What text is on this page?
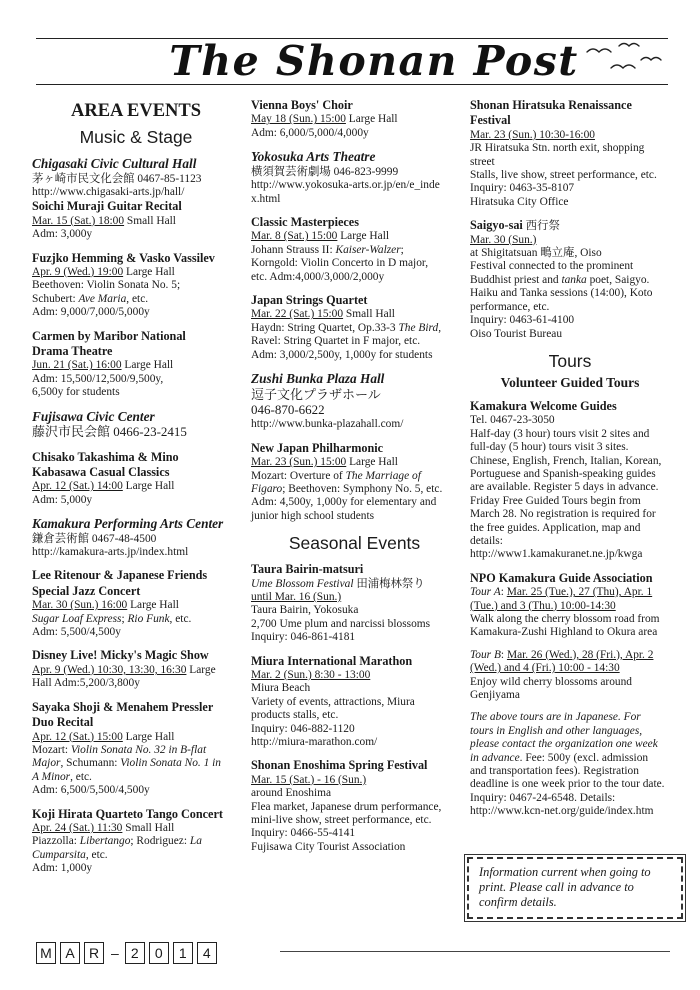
The Shonan Post
AREA EVENTS
Music & Stage
Chigasaki Civic Cultural Hall
茅ヶ崎市民文化会館 0467-85-1123
http://www.chigasaki-arts.jp/hall/
Soichi Muraji Guitar Recital
Mar. 15 (Sat.) 18:00 Small Hall
Adm: 3,000y
Fuzjko Hemming & Vasko Vassilev
Apr. 9 (Wed.) 19:00 Large Hall
Beethoven: Violin Sonata No. 5;
Schubert: Ave Maria, etc.
Adm: 9,000/7,000/5,000y
Carmen by Maribor National
Drama Theatre
Jun. 21 (Sat.) 16:00 Large Hall
Adm: 15,500/12,500/9,500y,
6,500y for students
Fujisawa Civic Center
藤沢市民会館 0466-23-2415
Chisako Takashima & Mino
Kabasawa Casual Classics
Apr. 12 (Sat.) 14:00 Large Hall
Adm: 5,000y
Kamakura Performing Arts Center
鎌倉芸術館 0467-48-4500
http://kamakura-arts.jp/index.html
Lee Ritenour & Japanese Friends
Special Jazz Concert
Mar. 30 (Sun.) 16:00 Large Hall
Sugar Loaf Express; Rio Funk, etc.
Adm: 5,500/4,500y
Disney Live! Micky's Magic Show
Apr. 9 (Wed.) 10:30, 13:30, 16:30 Large
Hall Adm:5,200/3,800y
Sayaka Shoji & Menahem Pressler
Duo Recital
Apr. 12 (Sat.) 15:00 Large Hall
Mozart: Violin Sonata No. 32 in B-flat
Major, Schumann: Violin Sonata No. 1 in
A Minor, etc.
Adm: 6,500/5,500/4,500y
Koji Hirata Quarteto Tango Concert
Apr. 24 (Sat.) 11:30 Small Hall
Piazzolla: Libertango; Rodriguez: La
Cumparsita, etc.
Adm: 1,000y
Vienna Boys' Choir
May 18 (Sun.) 15:00 Large Hall
Adm: 6,000/5,000/4,000y
Yokosuka Arts Theatre
横須賀芸術劇場 046-823-9999
http://www.yokosuka-arts.or.jp/en/e_inde
x.html
Classic Masterpieces
Mar. 8 (Sat.) 15:00 Large Hall
Johann Strauss II: Kaiser-Walzer;
Korngold: Violin Concerto in D major,
etc. Adm:4,000/3,000/2,000y
Japan Strings Quartet
Mar. 22 (Sat.) 15:00 Small Hall
Haydn: String Quartet, Op.33-3 The Bird,
Ravel: String Quartet in F major, etc.
Adm: 3,000/2,500y, 1,000y for students
Zushi Bunka Plaza Hall
逗子文化プラザホール
046-870-6622
http://www.bunka-plazahall.com/
New Japan Philharmonic
Mar. 23 (Sun.) 15:00 Large Hall
Mozart: Overture of The Marriage of
Figaro; Beethoven: Symphony No. 5, etc.
Adm: 4,500y, 1,000y for elementary and
junior high school students
Seasonal Events
Taura Bairin-matsuri
Ume Blossom Festival 田浦梅林祭り
until Mar. 16 (Sun.)
Taura Bairin, Yokosuka
2,700 Ume plum and narcissi blossoms
Inquiry: 046-861-4181
Miura International Marathon
Mar. 2 (Sun.) 8:30 - 13:00
Miura Beach
Variety of events, attractions, Miura
products stalls, etc.
Inquiry: 046-882-1120
http://miura-marathon.com/
Shonan Enoshima Spring Festival
Mar. 15 (Sat.) - 16 (Sun.)
around Enoshima
Flea market, Japanese drum performance,
mini-live show, street performance, etc.
Inquiry: 0466-55-4141
Fujisawa City Tourist Association
Shonan Hiratsuka Renaissance
Festival
Mar. 23 (Sun.) 10:30-16:00
JR Hiratsuka Stn. north exit, shopping
street
Stalls, live show, street performance, etc.
Inquiry: 0463-35-8107
Hiratsuka City Office
Saigyo-sai 西行祭
Mar. 30 (Sun.)
at Shigitatsuan 鴫立庵, Oiso
Festival connected to the prominent
Buddhist priest and tanka poet, Saigyo.
Haiku and Tanka sessions (14:00), Koto
performance, etc.
Inquiry: 0463-61-4100
Oiso Tourist Bureau
Tours
Volunteer Guided Tours
Kamakura Welcome Guides
Tel. 0467-23-3050
Half-day (3 hour) tours visit 2 sites and
full-day (5 hour) tours visit 3 sites.
Chinese, English, French, Italian, Korean,
Portuguese and Spanish-speaking guides
are available. Register 5 days in advance.
Friday Free Guided Tours begin from
March 28. No registration is required for
the free guides. Application, map and
details:
http://www1.kamakuranet.ne.jp/kwga
NPO Kamakura Guide Association
Tour A: Mar. 25 (Tue.), 27 (Thu), Apr. 1
(Tue.) and 3 (Thu.) 10:00-14:30
Walk along the cherry blossom road from
Kamakura-Zushi Highland to Okura area
Tour B: Mar. 26 (Wed.), 28 (Fri.), Apr. 2
(Wed.) and 4 (Fri.) 10:00 - 14:30
Enjoy wild cherry blossoms around
Genjiyama
The above tours are in Japanese. For
tours in English and other languages,
please contact the organization one week
in advance. Fee: 500y (excl. admission
and transportation fees). Registration
deadline is one week prior to the tour date.
Inquiry: 0467-24-6548. Details:
http://www.kcn-net.org/guide/index.htm
Information current when going to print. Please call in advance to confirm details.
M A	R – 2	0	1	4
